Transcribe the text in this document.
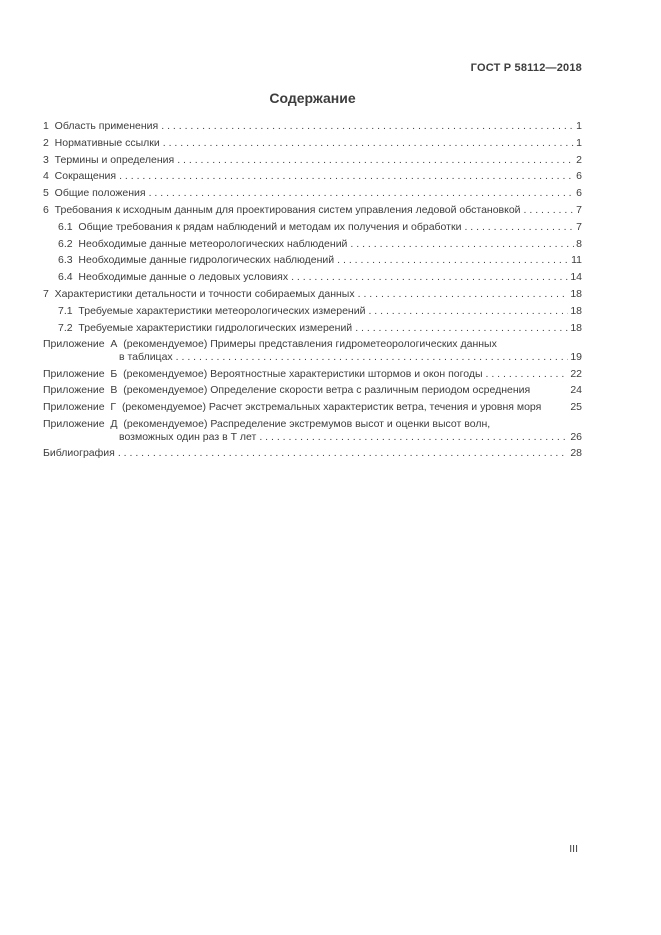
ГОСТ Р 58112—2018
Содержание
1  Область применения . . .	1
2  Нормативные ссылки . . .	1
3  Термины и определения . . .	2
4  Сокращения . . .	6
5  Общие положения . . .	6
6  Требования к исходным данным для проектирования систем управления ледовой обстановкой . . .	7
6.1  Общие требования к рядам наблюдений и методам их получения и обработки . . .	7
6.2  Необходимые данные метеорологических наблюдений . . .	8
6.3  Необходимые данные гидрологических наблюдений . . .	11
6.4  Необходимые данные о ледовых условиях . . .	14
7  Характеристики детальности и точности собираемых данных . . .	18
7.1  Требуемые характеристики метеорологических измерений . . .	18
7.2  Требуемые характеристики гидрологических измерений . . .	18
Приложение  А  (рекомендуемое) Примеры представления гидрометеорологических данных
в таблицах . . .	19
Приложение  Б  (рекомендуемое) Вероятностные характеристики штормов и окон погоды . . .	22
Приложение  В  (рекомендуемое) Определение скорости ветра с различным периодом осреднения	24
Приложение  Г  (рекомендуемое) Расчет экстремальных характеристик ветра, течения и уровня моря	25
Приложение  Д  (рекомендуемое) Распределение экстремумов высот и оценки высот волн,
возможных один раз в Т лет . . .	26
Библиография . . .	28
III
